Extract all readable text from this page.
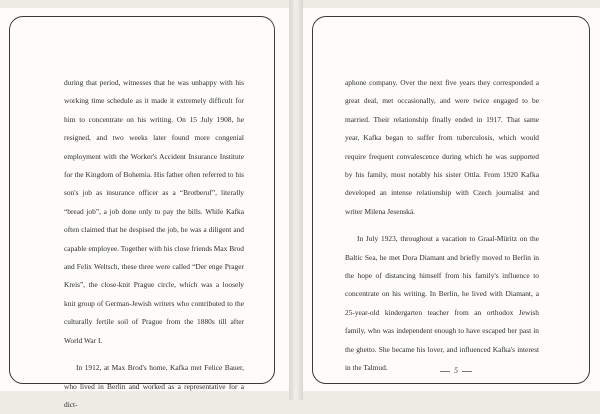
during that period, witnesses that he was unhappy with his working time schedule as it made it extremely difficult for him to concentrate on his writing. On 15 July 1908, he resigned, and two weeks later found more congenial employment with the Worker's Accident Insurance Institute for the Kingdom of Bohemia. His father often referred to his son's job as insurance officer as a “Brotberuf”, literally “bread job”, a job done only to pay the bills. While Kafka often claimed that he despised the job, he was a diligent and capable employee. Together with his close friends Max Brod and Felix Weltsch, these three were called “Der enge Prager Kreis”, the close-knit Prague circle, which was a loosely knit group of German-Jewish writers who contributed to the culturally fertile soil of Prague from the 1880s till after World War I.

In 1912, at Max Brod's home, Kafka met Felice Bauer, who lived in Berlin and worked as a representative for a dict-

aphone company. Over the next five years they corresponded a great deal, met occasionally, and were twice engaged to be married. Their relationship finally ended in 1917. That same year, Kafka began to suffer from tuberculosis, which would require frequent convalescence during which he was supported by his family, most notably his sister Ottla. From 1920 Kafka developed an intense relationship with Czech journalist and writer Milena Jesenská.

In July 1923, throughout a vacation to Graal-Müritz on the Baltic Sea, he met Dora Diamant and briefly moved to Berlin in the hope of distancing himself from his family's influence to concentrate on his writing. In Berlin, he lived with Diamant, a 25-year-old kindergarten teacher from an orthodox Jewish family, who was independent enough to have escaped her past in the ghetto. She became his lover, and influenced Kafka's interest in the Talmud.	5
